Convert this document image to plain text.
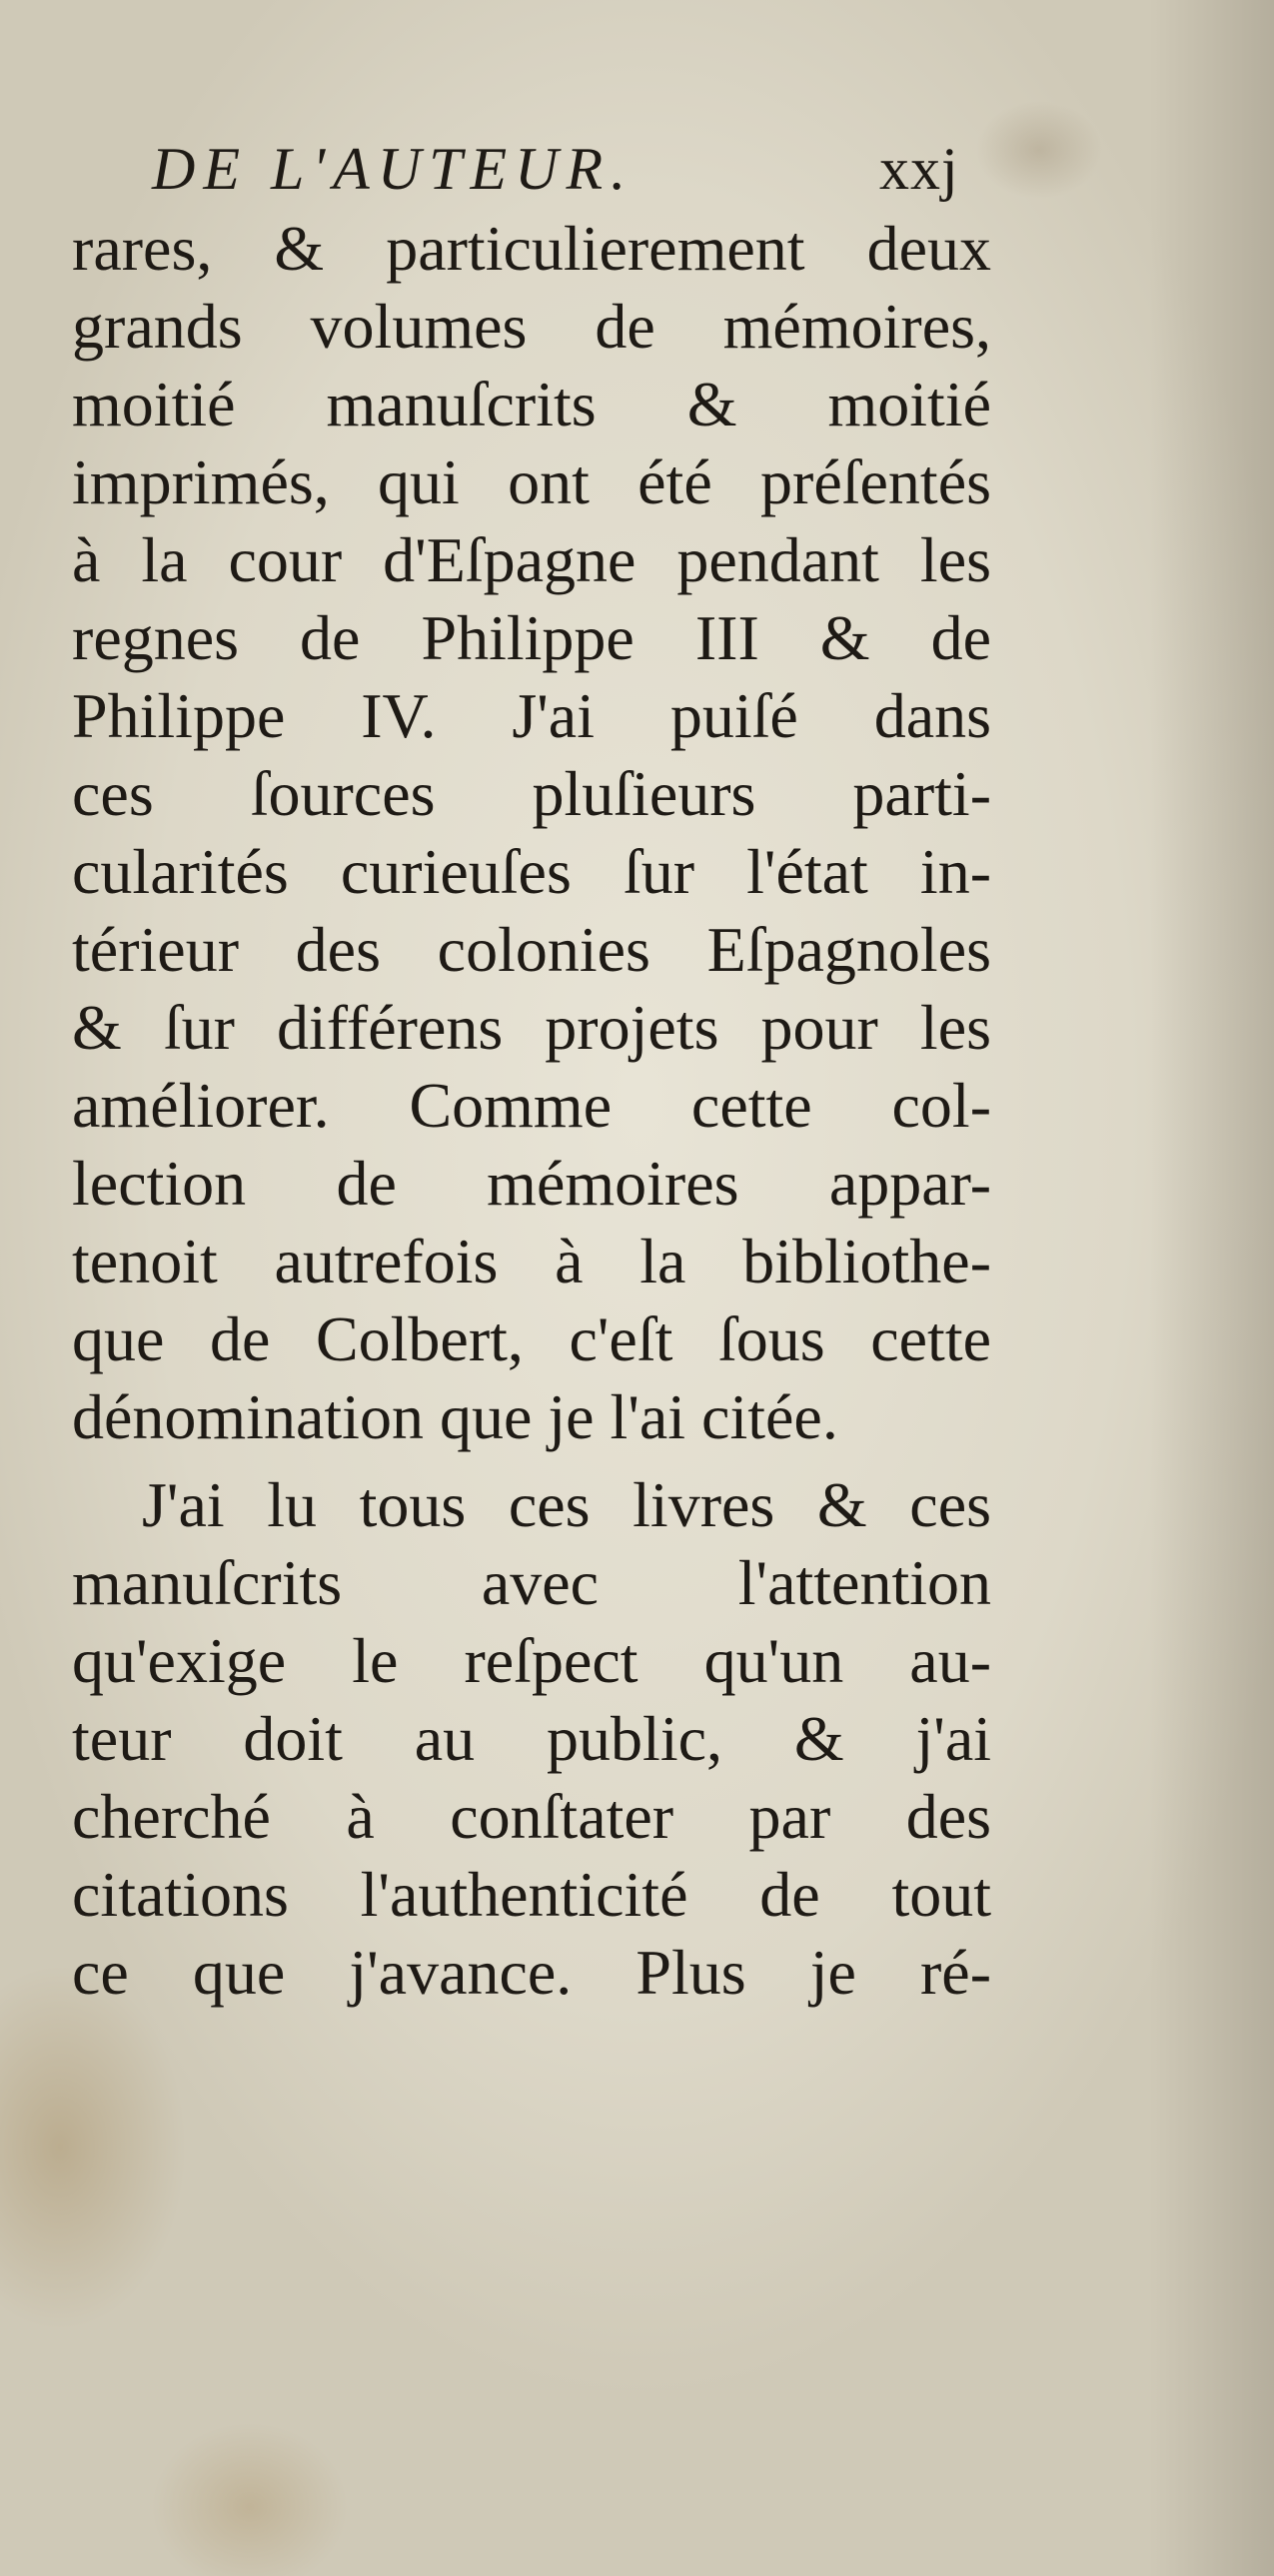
DE L'AUTEUR.	xxj
rares, & particulierement deux
grands volumes de mémoires,
moitié manuſcrits & moitié
imprimés, qui ont été préſentés
à la cour d'Eſpagne pendant les
regnes de Philippe III & de
Philippe IV. J'ai puiſé dans
ces ſources pluſieurs parti-
cularités curieuſes ſur l'état in-
térieur des colonies Eſpagnoles
& ſur différens projets pour les
améliorer. Comme cette col-
lection de mémoires appar-
tenoit autrefois à la bibliothe-
que de Colbert, c'eſt ſous cette
dénomination que je l'ai citée.
J'ai lu tous ces livres & ces
manuſcrits avec l'attention
qu'exige le reſpect qu'un au-
teur doit au public, & j'ai
cherché à conſtater par des
citations l'authenticité de tout
ce que j'avance. Plus je ré-
